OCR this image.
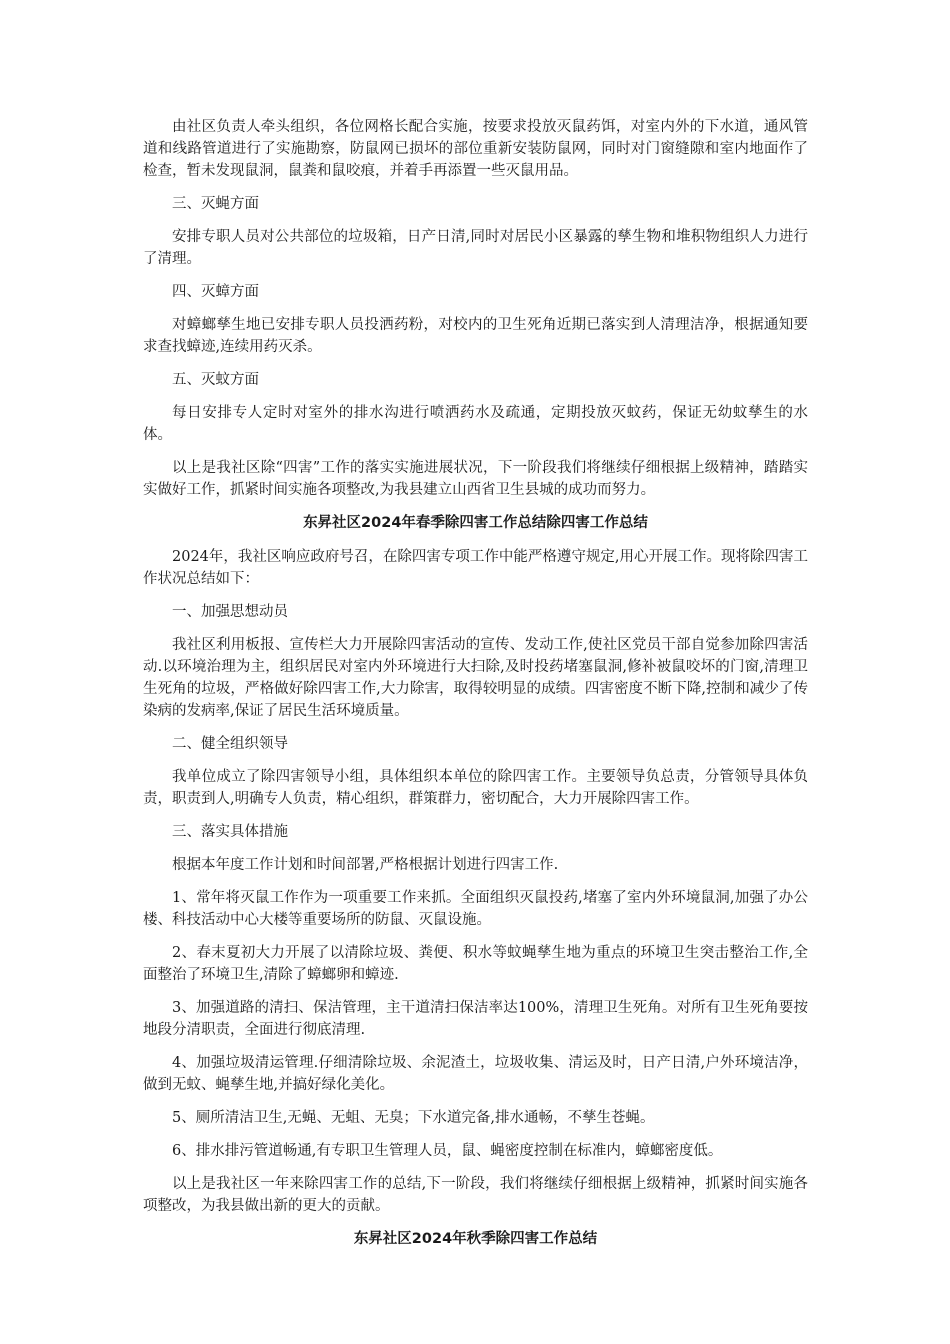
由社区负责人牵头组织，各位网格长配合实施，按要求投放灭鼠药饵，对室内外的下水道，通风管道和线路管道进行了实施勘察，防鼠网已损坏的部位重新安装防鼠网，同时对门窗缝隙和室内地面作了检查，暂未发现鼠洞，鼠粪和鼠咬痕，并着手再添置一些灭鼠用品。

三、灭蝇方面

安排专职人员对公共部位的垃圾箱，日产日清,同时对居民小区暴露的孳生物和堆积物组织人力进行了清理。

四、灭蟑方面

对蟑螂孳生地已安排专职人员投洒药粉，对校内的卫生死角近期已落实到人清理洁净，根据通知要求查找蟑迹,连续用药灭杀。

五、灭蚊方面

每日安排专人定时对室外的排水沟进行喷洒药水及疏通，定期投放灭蚊药，保证无幼蚊孳生的水体。

以上是我社区除“四害”工作的落实实施进展状况，下一阶段我们将继续仔细根据上级精神，踏踏实实做好工作，抓紧时间实施各项整改,为我县建立山西省卫生县城的成功而努力。

东昇社区2024年春季除四害工作总结除四害工作总结

2024年，我社区响应政府号召，在除四害专项工作中能严格遵守规定,用心开展工作。现将除四害工作状况总结如下：

一、加强思想动员

我社区利用板报、宣传栏大力开展除四害活动的宣传、发动工作,使社区党员干部自觉参加除四害活动.以环境治理为主，组织居民对室内外环境进行大扫除,及时投药堵塞鼠洞,修补被鼠咬坏的门窗,清理卫生死角的垃圾，严格做好除四害工作,大力除害，取得较明显的成绩。四害密度不断下降,控制和减少了传染病的发病率,保证了居民生活环境质量。

二、健全组织领导

我单位成立了除四害领导小组，具体组织本单位的除四害工作。主要领导负总责，分管领导具体负责，职责到人,明确专人负责，精心组织，群策群力，密切配合，大力开展除四害工作。

三、落实具体措施

根据本年度工作计划和时间部署,严格根据计划进行四害工作.

1、常年将灭鼠工作作为一项重要工作来抓。全面组织灭鼠投药,堵塞了室内外环境鼠洞,加强了办公楼、科技活动中心大楼等重要场所的防鼠、灭鼠设施。

2、春末夏初大力开展了以清除垃圾、粪便、积水等蚊蝇孳生地为重点的环境卫生突击整治工作,全面整治了环境卫生,清除了蟑螂卵和蟑迹.

3、加强道路的清扫、保洁管理，主干道清扫保洁率达100%，清理卫生死角。对所有卫生死角要按地段分清职责，全面进行彻底清理.

4、加强垃圾清运管理.仔细清除垃圾、余泥渣土，垃圾收集、清运及时，日产日清,户外环境洁净，做到无蚊、蝇孳生地,并搞好绿化美化。

5、厕所清洁卫生,无蝇、无蛆、无臭；下水道完备,排水通畅，不孳生苍蝇。

6、排水排污管道畅通,有专职卫生管理人员，鼠、蝇密度控制在标准内，蟑螂密度低。

以上是我社区一年来除四害工作的总结,下一阶段，我们将继续仔细根据上级精神，抓紧时间实施各项整改，为我县做出新的更大的贡献。

东昇社区2024年秋季除四害工作总结
